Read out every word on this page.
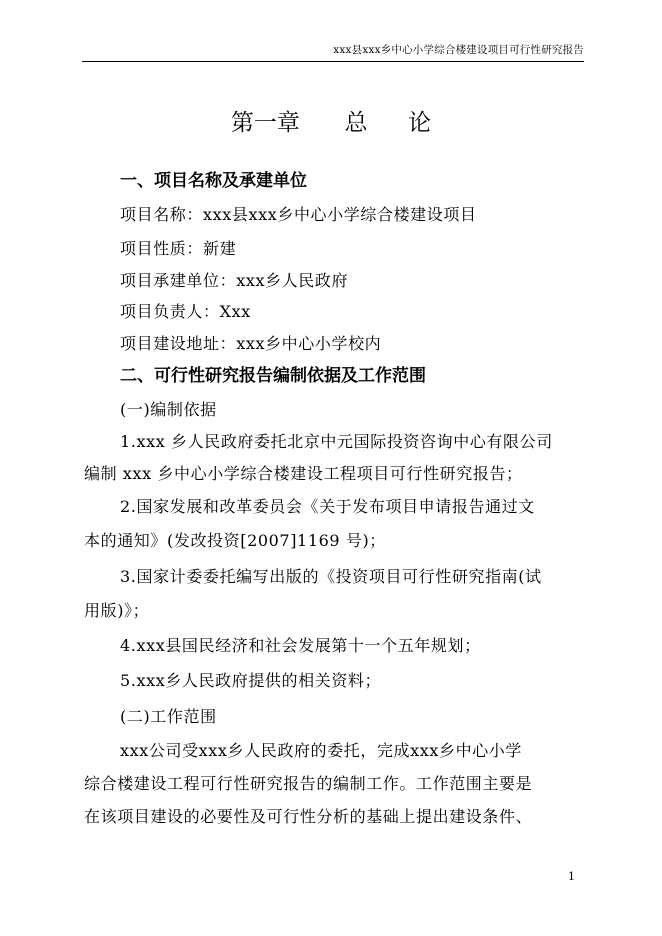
xxx县xxx乡中心小学综合楼建设项目可行性研究报告
第一章 总 论
一、项目名称及承建单位
项目名称：xxx县xxx乡中心小学综合楼建设项目
项目性质：新建
项目承建单位：xxx乡人民政府
项目负责人：Xxx
项目建设地址：xxx乡中心小学校内
二、可行性研究报告编制依据及工作范围
(一)编制依据
1.xxx 乡人民政府委托北京中元国际投资咨询中心有限公司
编制 xxx 乡中心小学综合楼建设工程项目可行性研究报告；
2.国家发展和改革委员会《关于发布项目申请报告通过文
本的通知》(发改投资[2007]1169 号)；
3.国家计委委托编写出版的《投资项目可行性研究指南(试
用版)》；
4.xxx县国民经济和社会发展第十一个五年规划；
5.xxx乡人民政府提供的相关资料；
(二)工作范围
xxx公司受xxx乡人民政府的委托，完成xxx乡中心小学
综合楼建设工程可行性研究报告的编制工作。工作范围主要是
在该项目建设的必要性及可行性分析的基础上提出建设条件、
1
